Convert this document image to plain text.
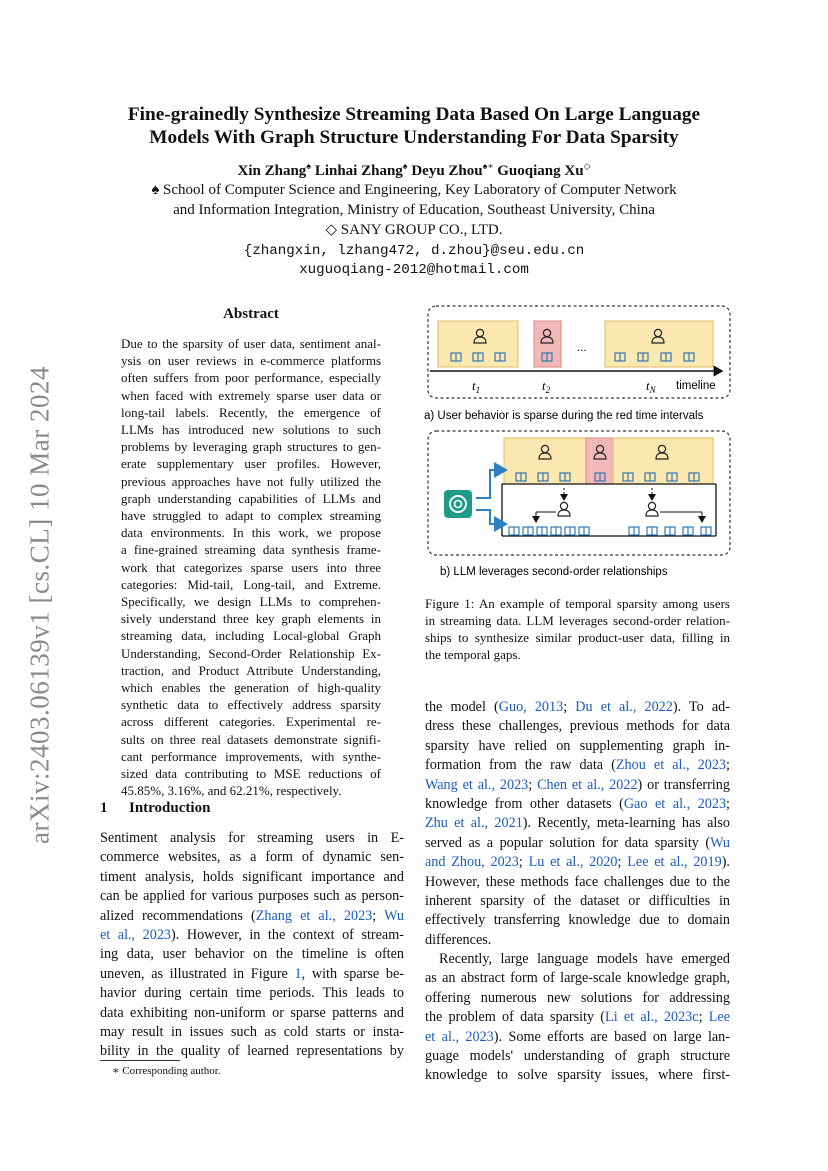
arXiv:2403.06139v1 [cs.CL] 10 Mar 2024
Fine-grainedly Synthesize Streaming Data Based On Large Language
Models With Graph Structure Understanding For Data Sparsity
Xin Zhang♠ Linhai Zhang♠ Deyu Zhou♠∗ Guoqiang Xu◇
♠ School of Computer Science and Engineering, Key Laboratory of Computer Network
and Information Integration, Ministry of Education, Southeast University, China
◇ SANY GROUP CO., LTD.
{zhangxin, lzhang472, d.zhou}@seu.edu.cn
xuguoqiang-2012@hotmail.com
Abstract
Due to the sparsity of user data, sentiment anal-
ysis on user reviews in e-commerce platforms
often suffers from poor performance, especially
when faced with extremely sparse user data or
long-tail labels. Recently, the emergence of
LLMs has introduced new solutions to such
problems by leveraging graph structures to gen-
erate supplementary user profiles. However,
previous approaches have not fully utilized the
graph understanding capabilities of LLMs and
have struggled to adapt to complex streaming
data environments. In this work, we propose
a fine-grained streaming data synthesis frame-
work that categorizes sparse users into three
categories: Mid-tail, Long-tail, and Extreme.
Specifically, we design LLMs to comprehen-
sively understand three key graph elements in
streaming data, including Local-global Graph
Understanding, Second-Order Relationship Ex-
traction, and Product Attribute Understanding,
which enables the generation of high-quality
synthetic data to effectively address sparsity
across different categories. Experimental re-
sults on three real datasets demonstrate signifi-
cant performance improvements, with synthe-
sized data contributing to MSE reductions of
45.85%, 3.16%, and 62.21%, respectively.
1 Introduction
Sentiment analysis for streaming users in E-
commerce websites, as a form of dynamic sen-
timent analysis, holds significant importance and
can be applied for various purposes such as person-
alized recommendations (Zhang et al., 2023; Wu
et al., 2023). However, in the context of stream-
ing data, user behavior on the timeline is often
uneven, as illustrated in Figure 1, with sparse be-
havior during certain time periods. This leads to
data exhibiting non-uniform or sparse patterns and
may result in issues such as cold starts or insta-
bility in the quality of learned representations by
the model (Guo, 2013; Du et al., 2022). To ad-
dress these challenges, previous methods for data
sparsity have relied on supplementing graph in-
formation from the raw data (Zhou et al., 2023;
Wang et al., 2023; Chen et al., 2022) or transferring
knowledge from other datasets (Gao et al., 2023;
Zhu et al., 2021). Recently, meta-learning has also
served as a popular solution for data sparsity (Wu
and Zhou, 2023; Lu et al., 2020; Lee et al., 2019).
However, these methods face challenges due to the
inherent sparsity of the dataset or difficulties in
effectively transferring knowledge due to domain
differences.
Recently, large language models have emerged
as an abstract form of large-scale knowledge graph,
offering numerous new solutions for addressing
the problem of data sparsity (Li et al., 2023c; Lee
et al., 2023). Some efforts are based on large lan-
guage models' understanding of graph structure
knowledge to solve sparsity issues, where first-
Figure 1: An example of temporal sparsity among users
in streaming data. LLM leverages second-order relation-
ships to synthesize similar product-user data, filling in
the temporal gaps.
∗ Corresponding author.
...
$t_1$	$t_2$	$t_N$ timeline
a) User behavior is sparse during the red time intervals
b) LLM leverages second-order relationships
